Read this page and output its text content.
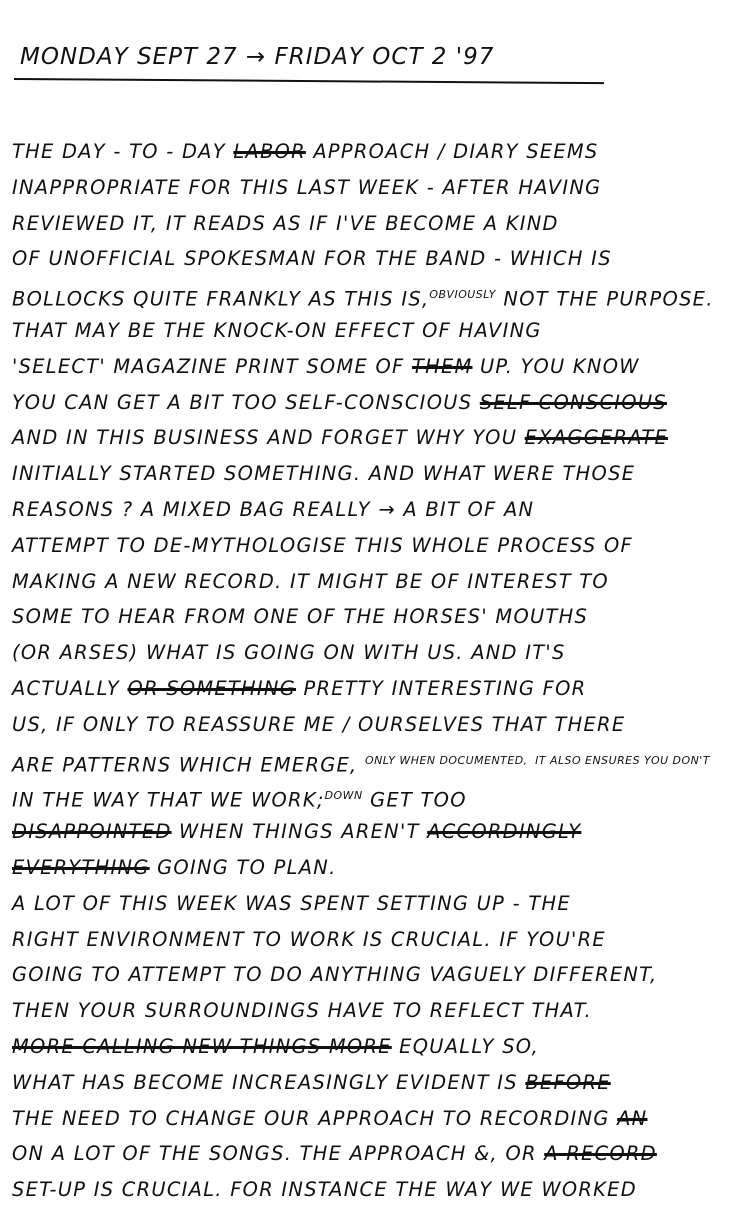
MONDAY SEPT 27 → FRIDAY OCT 2 '97
THE DAY - TO - DAY LABOR APPROACH / DIARY SEEMS
INAPPROPRIATE FOR THIS LAST WEEK - AFTER HAVING
REVIEWED IT, IT READS AS IF I'VE BECOME A KIND
OF UNOFFICIAL SPOKESMAN FOR THE BAND - WHICH IS
BOLLOCKS QUITE FRANKLY AS THIS IS,$^{OBVIOUSLY}$ NOT THE PURPOSE.
THAT MAY BE THE KNOCK-ON EFFECT OF HAVING
'SELECT' MAGAZINE PRINT SOME OF THEM UP. YOU KNOW
YOU CAN GET A BIT TOO SELF-CONSCIOUS SELF-CONSCIOUS
AND IN THIS BUSINESS AND FORGET WHY YOU EXAGGERATE
INITIALLY STARTED SOMETHING. AND WHAT WERE THOSE
REASONS ? A MIXED BAG REALLY → A BIT OF AN
ATTEMPT TO DE-MYTHOLOGISE THIS WHOLE PROCESS OF
MAKING A NEW RECORD. IT MIGHT BE OF INTEREST TO
SOME TO HEAR FROM ONE OF THE HORSES' MOUTHS
(OR ARSES) WHAT IS GOING ON WITH US. AND IT'S
ACTUALLY OR SOMETHING PRETTY INTERESTING FOR
US, IF ONLY TO REASSURE ME / OURSELVES THAT THERE
ARE PATTERNS WHICH EMERGE, $^{ONLY WHEN DOCUMENTED,}$ $^{IT ALSO ENSURES YOU DON'T}$
IN THE WAY THAT WE WORK;$^{DOWN}$ GET TOO
DISAPPOINTED WHEN THINGS AREN'T ACCORDINGLY
EVERYTHING GOING TO PLAN.
A LOT OF THIS WEEK WAS SPENT SETTING UP - THE
RIGHT ENVIRONMENT TO WORK IS CRUCIAL. IF YOU'RE
GOING TO ATTEMPT TO DO ANYTHING VAGUELY DIFFERENT,
THEN YOUR SURROUNDINGS HAVE TO REFLECT THAT.
MORE CALLING NEW THINGS MORE EQUALLY SO,
WHAT HAS BECOME INCREASINGLY EVIDENT IS BEFORE
THE NEED TO CHANGE OUR APPROACH TO RECORDING AN
ON A LOT OF THE SONGS. THE APPROACH &, OR A RECORD
SET-UP IS CRUCIAL. FOR INSTANCE THE WAY WE WORKED
